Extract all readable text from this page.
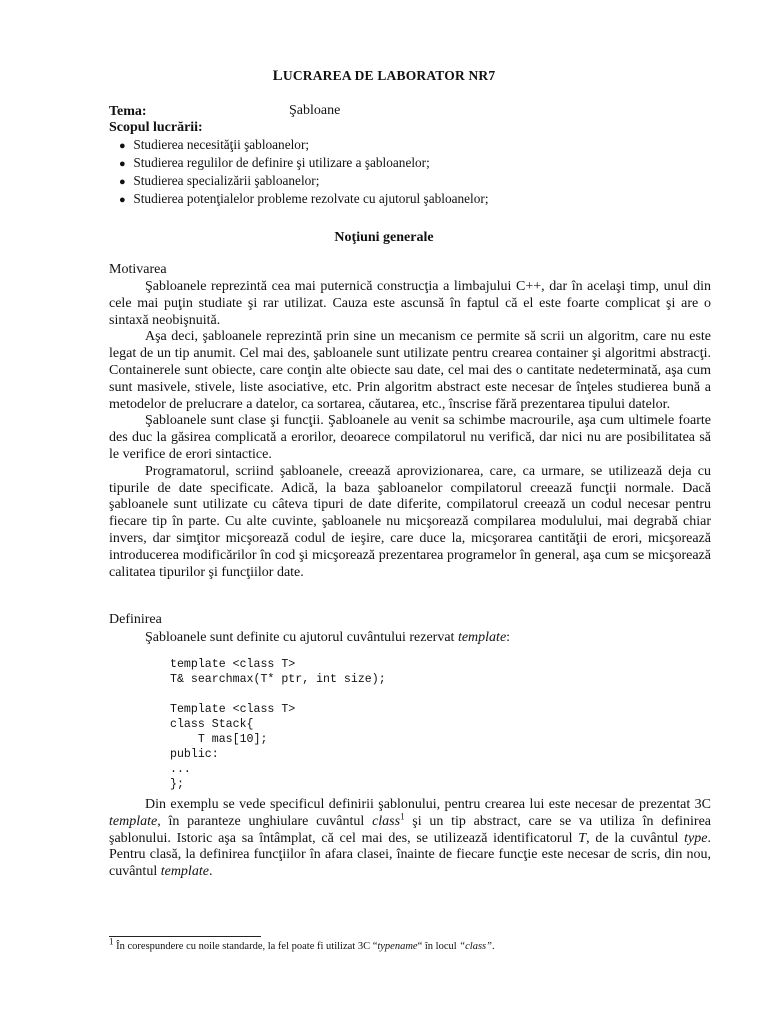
LUCRAREA DE LABORATOR NR7
Tema:	Şabloane
Scopul lucrării:
● Studierea necesităţii şabloanelor;
● Studierea regulilor de definire şi utilizare a şabloanelor;
● Studierea specializării şabloanelor;
● Studierea potenţialelor probleme rezolvate cu ajutorul şabloanelor;
Noţiuni generale
Motivarea

Şabloanele reprezintă cea mai puternică construcţia a limbajului C++, dar în acelaşi timp, unul din cele mai puţin studiate şi rar utilizat. Cauza este ascunsă în faptul că el este foarte complicat şi are o sintaxă neobişnuită.

Aşa deci, şabloanele reprezintă prin sine un mecanism ce permite să scrii un algoritm, care nu este legat de un tip anumit. Cel mai des, şabloanele sunt utilizate pentru crearea container şi algoritmi abstracţi. Containerele sunt obiecte, care conţin alte obiecte sau date, cel mai des o cantitate nedeterminată, aşa cum sunt masivele, stivele, liste asociative, etc. Prin algoritm abstract este necesar de înţeles studierea bună a metodelor de prelucrare a datelor, ca sortarea, căutarea, etc., înscrise fără prezentarea tipului datelor.

Şabloanele sunt clase şi funcţii. Şabloanele au venit sa schimbe macrourile, aşa cum ultimele foarte des duc la găsirea complicată a erorilor, deoarece compilatorul nu verifică, dar nici nu are posibilitatea să le verifice de erori sintactice.

Programatorul, scriind şabloanele, creează aprovizionarea, care, ca urmare, se utilizează deja cu tipurile de date specificate. Adică, la baza şabloanelor compilatorul creează funcţii normale. Dacă şabloanele sunt utilizate cu câteva tipuri de date diferite, compilatorul creează un codul necesar pentru fiecare tip în parte. Cu alte cuvinte, şabloanele nu micşorează compilarea modulului, mai degrabă chiar invers, dar simţitor micşorează codul de ieşire, care duce la, micşorarea cantităţii de erori, micşorează introducerea modificărilor în cod şi micşorează prezentarea programelor în general, aşa cum se micşorează calitatea tipurilor şi funcţiilor date.

Definirea

Şabloanele sunt definite cu ajutorul cuvântului rezervat template:

template <class T>
T& searchmax(T* ptr, int size);

Template <class T>
class Stack{
T mas[10];
public:
...
};

Din exemplu se vede specificul definirii şablonului, pentru crearea lui este necesar de prezentat 3C template, în paranteze unghiulare cuvântul class$^1$ şi un tip abstract, care se va utiliza în definirea şablonului. Istoric aşa sa întâmplat, că cel mai des, se utilizează identificatorul T, de la cuvântul type. Pentru clasă, la definirea funcţiilor în afara clasei, înainte de fiecare funcţie este necesar de scris, din nou, cuvântul template.

$^1$ În corespundere cu noile standarde, la fel poate fi utilizat 3C “typename“ în locul “class”.
